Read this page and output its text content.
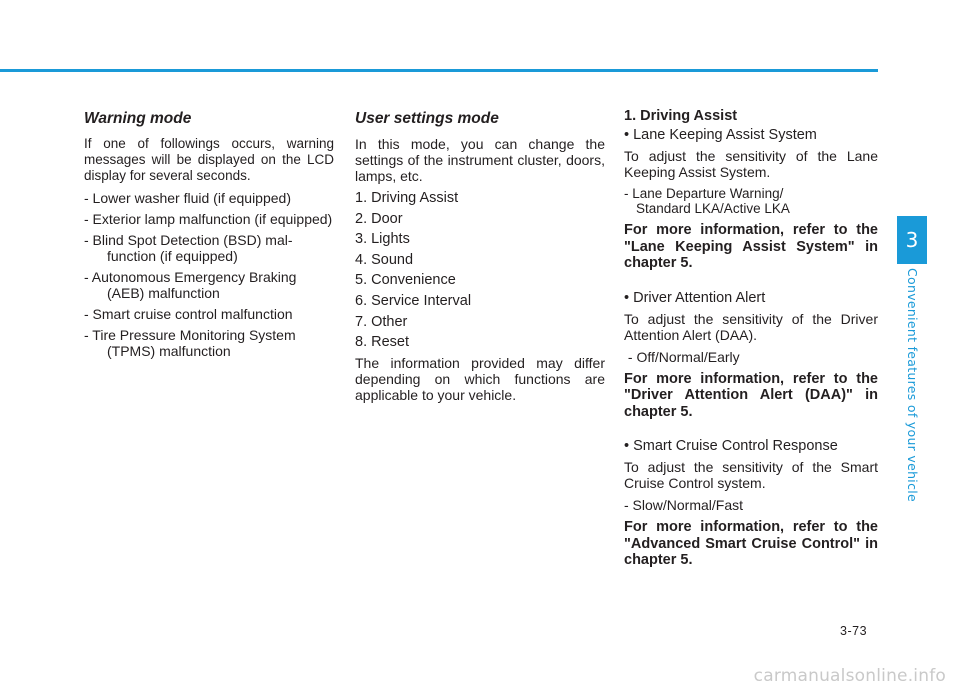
Warning mode

If one of followings occurs, warning messages will be displayed on the LCD display for several seconds.

- Lower washer fluid (if equipped)
- Exterior lamp malfunction (if equipped)
- Blind Spot Detection (BSD) malfunction (if equipped)
- Autonomous Emergency Braking (AEB) malfunction
- Smart cruise control malfunction
- Tire Pressure Monitoring System (TPMS) malfunction
User settings mode

In this mode, you can change the settings of the instrument cluster, doors, lamps, etc.

1. Driving Assist
2. Door
3. Lights
4. Sound
5. Convenience
6. Service Interval
7. Other
8. Reset

The information provided may differ depending on which functions are applicable to your vehicle.

1. Driving Assist
• Lane Keeping Assist System

To adjust the sensitivity of the Lane Keeping Assist System.

- Lane Departure Warning/
Standard LKA/Active LKA

For more information, refer to the "Lane Keeping Assist System" in chapter 5.

• Driver Attention Alert

To adjust the sensitivity of the Driver Attention Alert (DAA).

- Off/Normal/Early

For more information, refer to the "Driver Attention Alert (DAA)" in chapter 5.

• Smart Cruise Control Response

To adjust the sensitivity of the Smart Cruise Control system.

- Slow/Normal/Fast

For more information, refer to the "Advanced Smart Cruise Control" in chapter 5.

3
Convenient features of your vehicle
3-73
carmanualsonline.info
